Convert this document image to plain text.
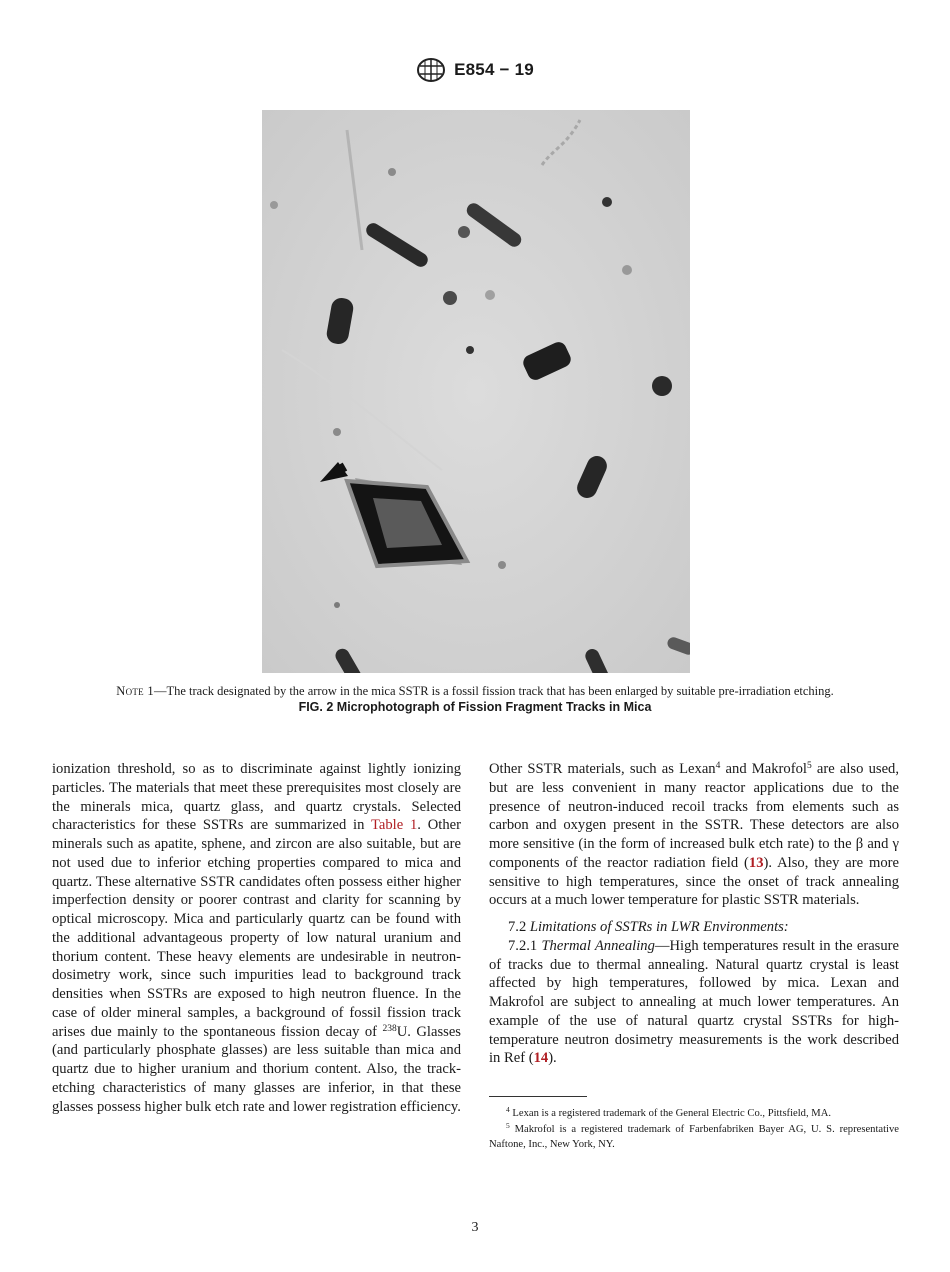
E854 − 19
Note 1—The track designated by the arrow in the mica SSTR is a fossil fission track that has been enlarged by suitable pre-irradiation etching.
FIG. 2 Microphotograph of Fission Fragment Tracks in Mica

ionization threshold, so as to discriminate against lightly ionizing particles. The materials that meet these prerequisites most closely are the minerals mica, quartz glass, and quartz crystals. Selected characteristics for these SSTRs are summarized in Table 1. Other minerals such as apatite, sphene, and zircon are also suitable, but are not used due to inferior etching properties compared to mica and quartz. These alternative SSTR candidates often possess either higher imperfection density or poorer contrast and clarity for scanning by optical microscopy. Mica and particularly quartz can be found with the additional advantageous property of low natural uranium and thorium content. These heavy elements are undesirable in neutron-dosimetry work, since such impurities lead to background track densities when SSTRs are exposed to high neutron fluence. In the case of older mineral samples, a background of fossil fission track arises due mainly to the spontaneous fission decay of $^{238}$U. Glasses (and particularly phosphate glasses) are less suitable than mica and quartz due to higher uranium and thorium content. Also, the track-etching characteristics of many glasses are inferior, in that these glasses possess higher bulk etch rate and lower registration efficiency.

Other SSTR materials, such as Lexan$^4$ and Makrofol$^5$ are also used, but are less convenient in many reactor applications due to the presence of neutron-induced recoil tracks from elements such as carbon and oxygen present in the SSTR. These detectors are also more sensitive (in the form of increased bulk etch rate) to the β and γ components of the reactor radiation field (13). Also, they are more sensitive to high temperatures, since the onset of track annealing occurs at a much lower temperature for plastic SSTR materials.

7.2 Limitations of SSTRs in LWR Environments:

7.2.1 Thermal Annealing—High temperatures result in the erasure of tracks due to thermal annealing. Natural quartz crystal is least affected by high temperatures, followed by mica. Lexan and Makrofol are subject to annealing at much lower temperatures. An example of the use of natural quartz crystal SSTRs for high-temperature neutron dosimetry measurements is the work described in Ref (14).

$^4$ Lexan is a registered trademark of the General Electric Co., Pittsfield, MA.

$^5$ Makrofol is a registered trademark of Farbenfabriken Bayer AG, U. S. representative Naftone, Inc., New York, NY.

3
